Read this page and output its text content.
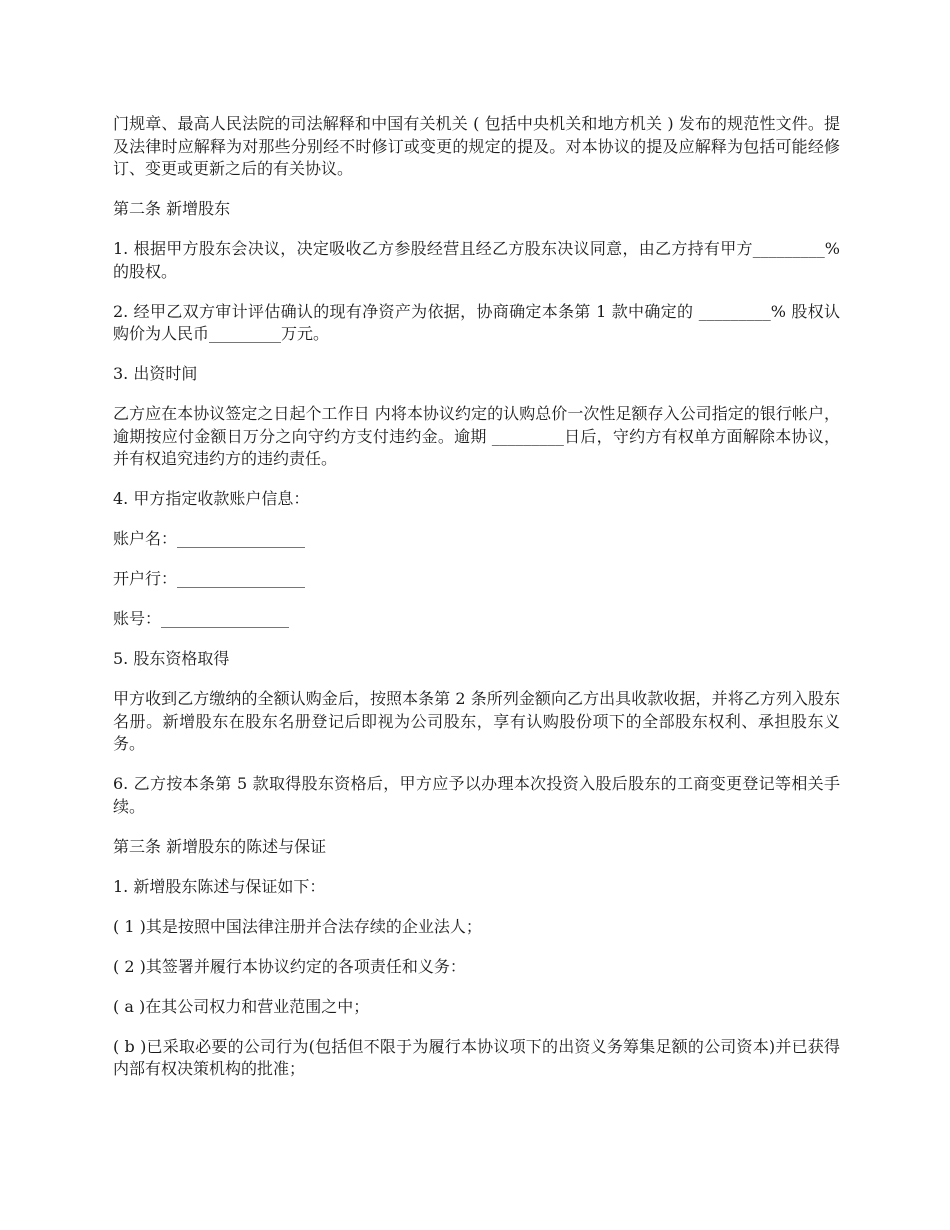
门规章、最高人民法院的司法解释和中国有关机关 ( 包括中央机关和地方机关 ) 发布的规范性文件。提及法律时应解释为对那些分别经不时修订或变更的规定的提及。对本协议的提及应解释为包括可能经修订、变更或更新之后的有关协议。

第二条 新增股东

1. 根据甲方股东会决议，决定吸收乙方参股经营且经乙方股东决议同意，由乙方持有甲方_________% 的股权。

2. 经甲乙双方审计评估确认的现有净资产为依据，协商确定本条第 1 款中确定的 _________% 股权认购价为人民币_________万元。

3. 出资时间

乙方应在本协议签定之日起个工作日 内将本协议约定的认购总价一次性足额存入公司指定的银行帐户，逾期按应付金额日万分之向守约方支付违约金。逾期 _________日后，守约方有权单方面解除本协议，并有权追究违约方的违约责任。

4. 甲方指定收款账户信息：

账户名：________________

开户行：________________

账号：________________

5. 股东资格取得

甲方收到乙方缴纳的全额认购金后，按照本条第 2 条所列金额向乙方出具收款收据，并将乙方列入股东名册。新增股东在股东名册登记后即视为公司股东，享有认购股份项下的全部股东权利、承担股东义务。

6. 乙方按本条第 5 款取得股东资格后，甲方应予以办理本次投资入股后股东的工商变更登记等相关手续。

第三条 新增股东的陈述与保证

1. 新增股东陈述与保证如下：

( 1 )其是按照中国法律注册并合法存续的企业法人；

( 2 )其签署并履行本协议约定的各项责任和义务：

( a )在其公司权力和营业范围之中；

( b )已采取必要的公司行为(包括但不限于为履行本协议项下的出资义务筹集足额的公司资本)并已获得内部有权决策机构的批准；
